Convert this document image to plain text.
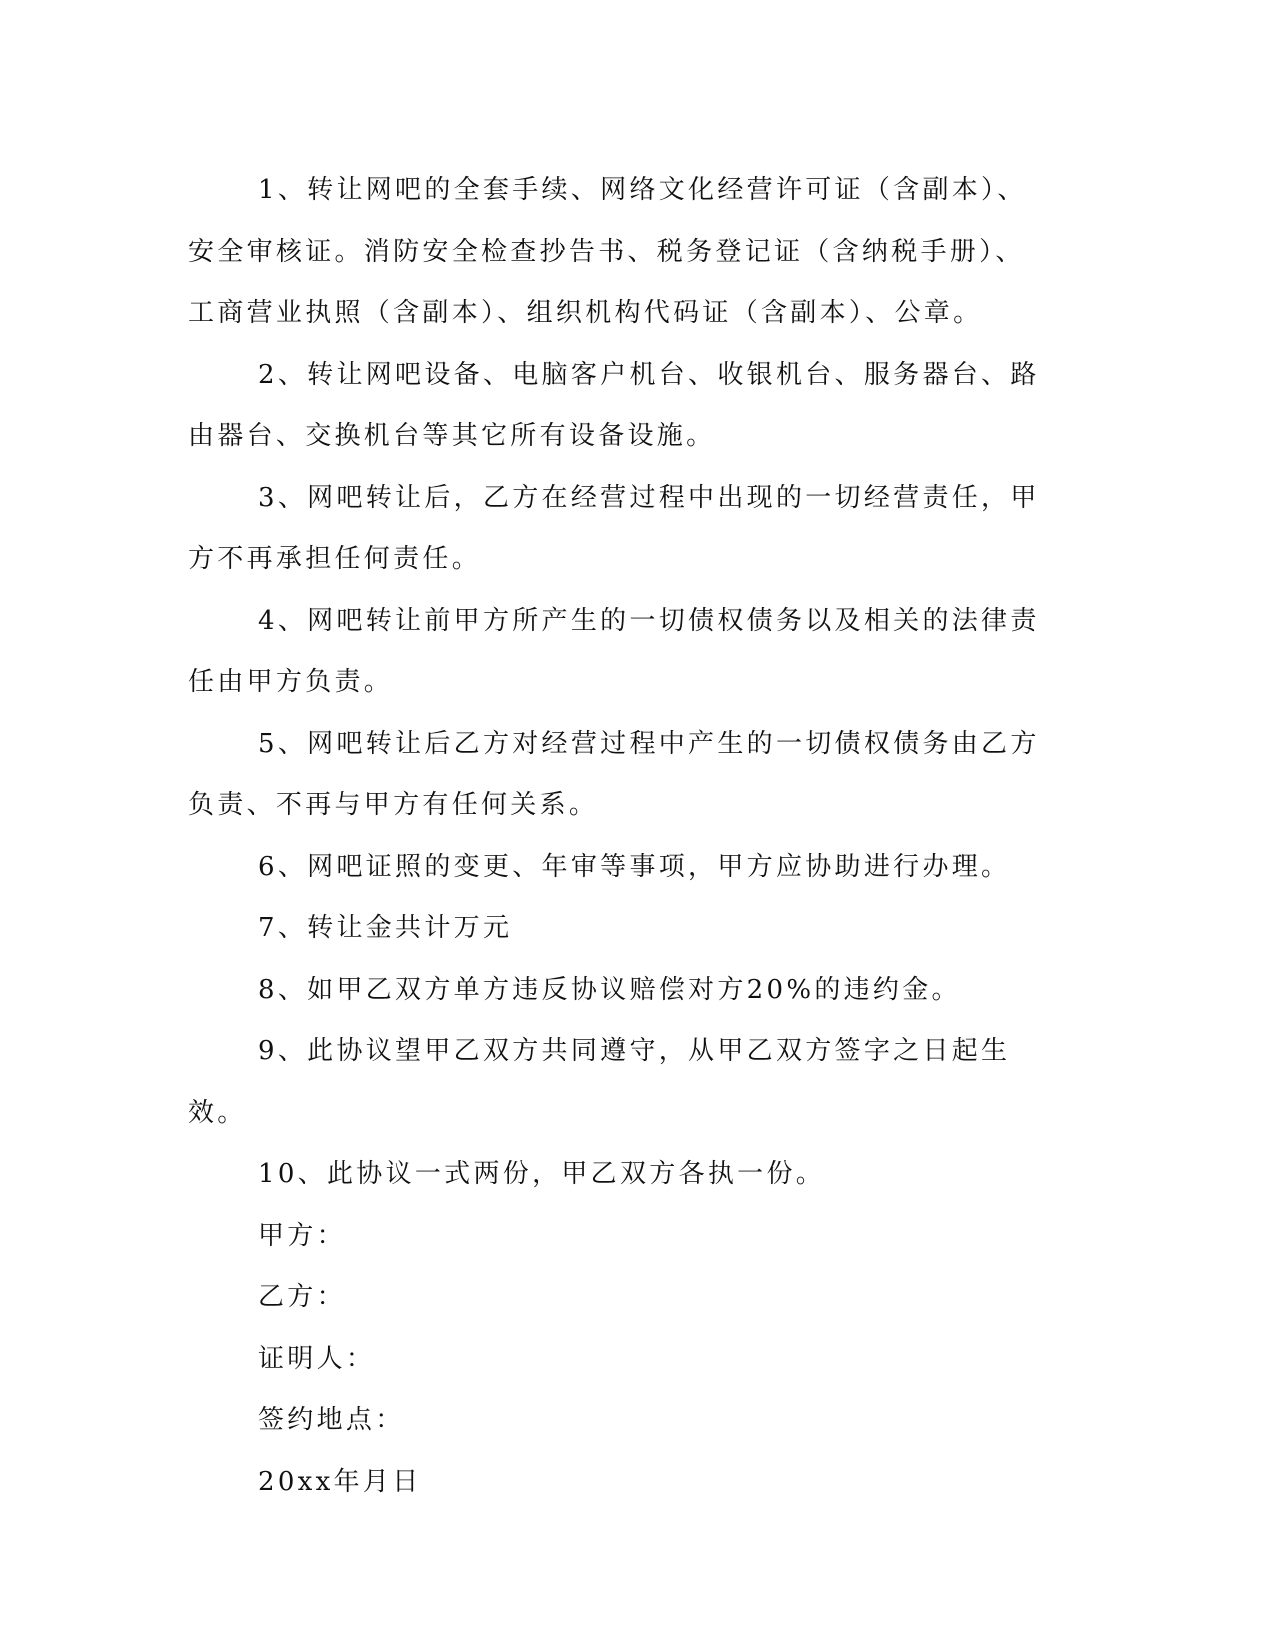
1、转让网吧的全套手续、网络文化经营许可证（含副本）、安全审核证。消防安全检查抄告书、税务登记证（含纳税手册）、工商营业执照（含副本）、组织机构代码证（含副本）、公章。

2、转让网吧设备、电脑客户机台、收银机台、服务器台、路由器台、交换机台等其它所有设备设施。

3、网吧转让后，乙方在经营过程中出现的一切经营责任，甲方不再承担任何责任。

4、网吧转让前甲方所产生的一切债权债务以及相关的法律责任由甲方负责。

5、网吧转让后乙方对经营过程中产生的一切债权债务由乙方负责、不再与甲方有任何关系。

6、网吧证照的变更、年审等事项，甲方应协助进行办理。

7、转让金共计万元

8、如甲乙双方单方违反协议赔偿对方20%的违约金。

9、此协议望甲乙双方共同遵守，从甲乙双方签字之日起生效。

10、此协议一式两份，甲乙双方各执一份。

甲方：

乙方：

证明人：

签约地点：

20xx年月日
